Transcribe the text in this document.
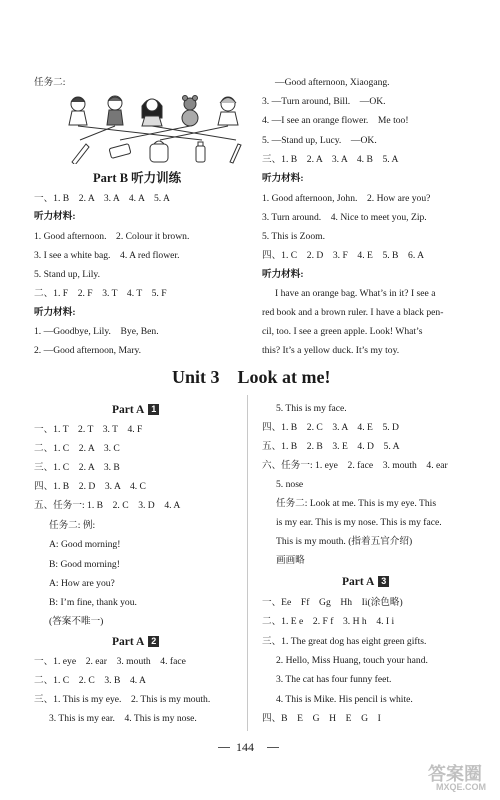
任务二:
Part B 听力训练
一、1. B　2. A　3. A　4. A　5. A
听力材料:
1. Good afternoon.　2. Colour it brown.
3. I see a white bag.　4. A red flower.
5. Stand up, Lily.
二、1. F　2. F　3. T　4. T　5. F
听力材料:
1. —Goodbye, Lily.　Bye, Ben.
2. —Good afternoon, Mary.
—Good afternoon, Xiaogang.
3. —Turn around, Bill.　—OK.
4. —I see an orange flower.　Me too!
5. —Stand up, Lucy.　—OK.
三、1. B　2. A　3. A　4. B　5. A
听力材料:
1. Good afternoon, John.　2. How are you?
3. Turn around.　4. Nice to meet you, Zip.
5. This is Zoom.
四、1. C　2. D　3. F　4. E　5. B　6. A
听力材料:
I have an orange bag. What’s in it? I see a
red book and a brown ruler. I have a black pen-
cil, too. I see a green apple. Look! What’s
this? It’s a yellow duck. It’s my toy.
Unit 3　Look at me!
Part A 1
一、1. T　2. T　3. T　4. F
二、1. C　2. A　3. C
三、1. C　2. A　3. B
四、1. B　2. D　3. A　4. C
五、任务一: 1. B　2. C　3. D　4. A
任务二: 例:
A: Good morning!
B: Good morning!
A: How are you?
B: I’m fine, thank you.
(答案不唯一)
Part A 2
一、1. eye　2. ear　3. mouth　4. face
二、1. C　2. C　3. B　4. A
三、1. This is my eye.　2. This is my mouth.
3. This is my ear.　4. This is my nose.
5. This is my face.
四、1. B　2. C　3. A　4. E　5. D
五、1. B　2. B　3. E　4. D　5. A
六、任务一: 1. eye　2. face　3. mouth　4. ear
5. nose
任务二: Look at me. This is my eye. This
is my ear. This is my nose. This is my face.
This is my mouth. (指着五官介绍)
画画略
Part A 3
一、Ee　Ff　Gg　Hh　Ii(涂色略)
二、1. E e　2. F f　3. H h　4. I i
三、1. The great dog has eight green gifts.
2. Hello, Miss Huang, touch your hand.
3. The cat has four funny feet.
4. This is Mike. His pencil is white.
四、B　E　G　H　E　G　I
144
答案圈
MXQE.COM
